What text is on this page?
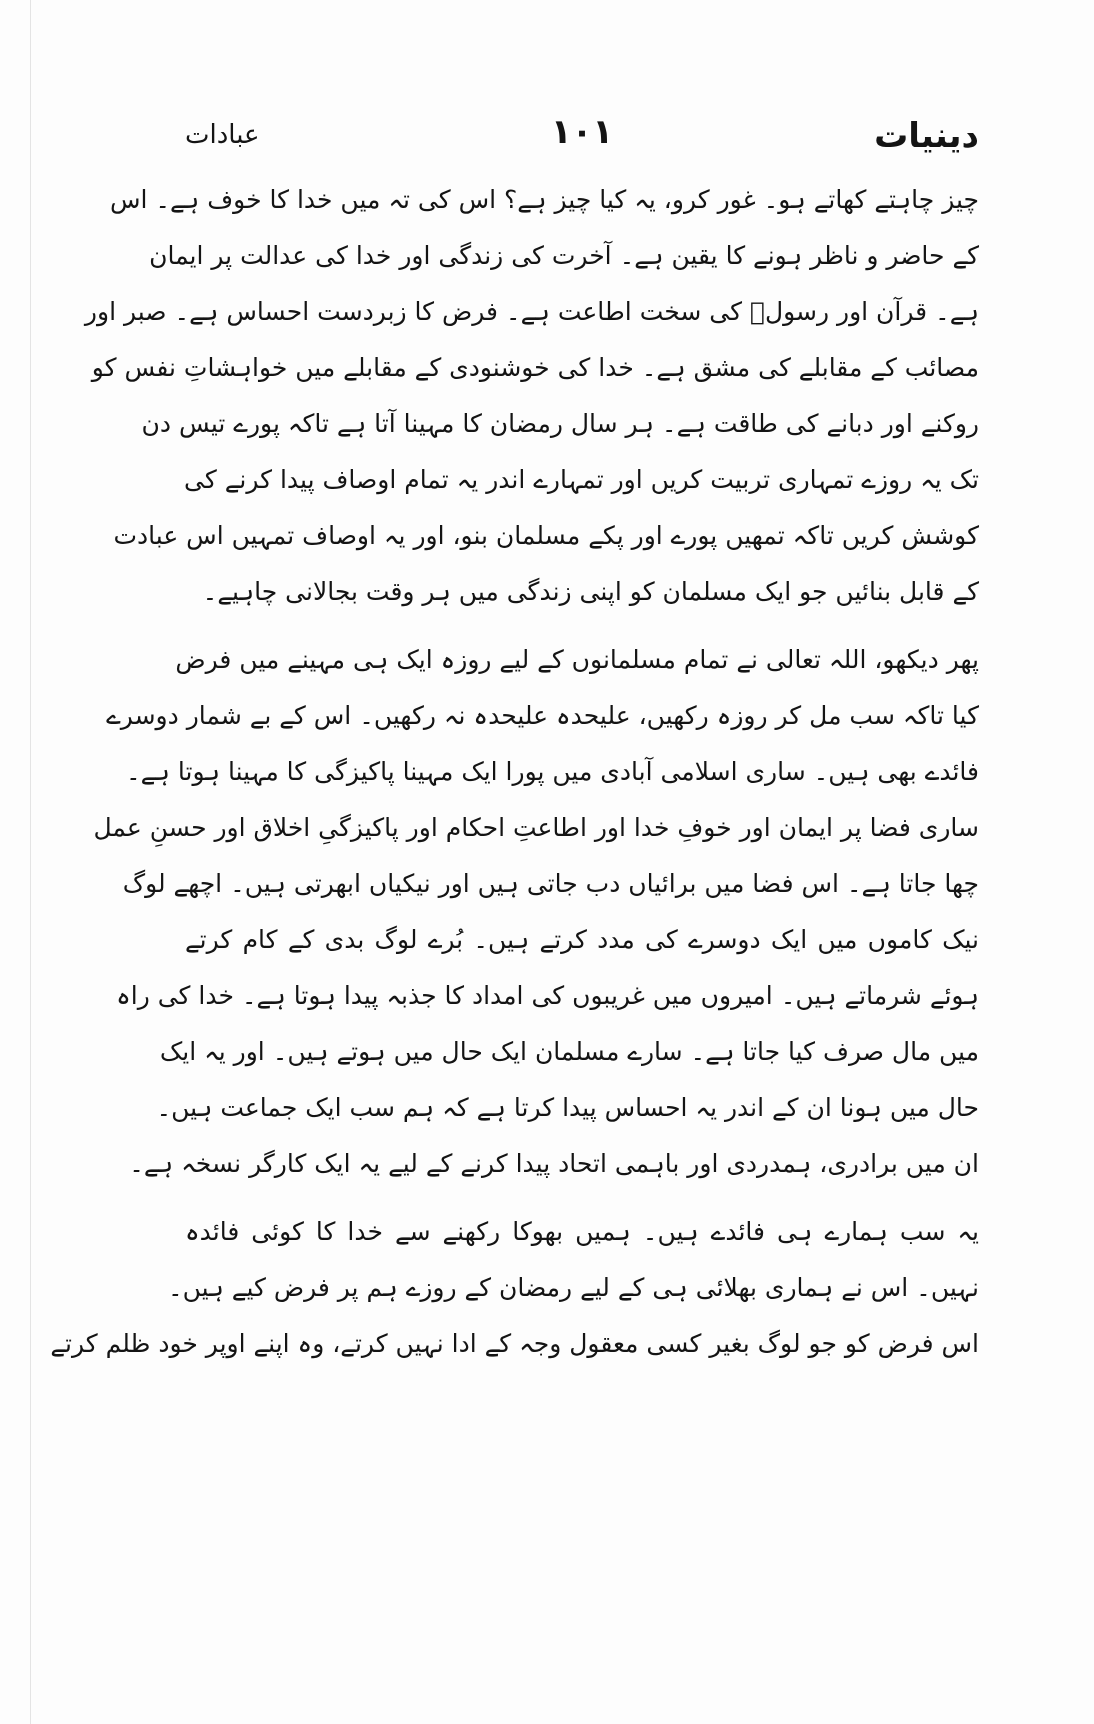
دینیات
۱۰۱
عبادات
چیز چاہتے کھاتے ہو۔ غور کرو، یہ کیا چیز ہے؟ اس کی تہ میں خدا کا خوف ہے۔ اس
کے حاضر و ناظر ہونے کا یقین ہے۔ آخرت کی زندگی اور خدا کی عدالت پر ایمان
ہے۔ قرآن اور رسولؐ کی سخت اطاعت ہے۔ فرض کا زبردست احساس ہے۔ صبر اور
مصائب کے مقابلے کی مشق ہے۔ خدا کی خوشنودی کے مقابلے میں خواہشاتِ نفس کو
روکنے اور دبانے کی طاقت ہے۔ ہر سال رمضان کا مہینا آتا ہے تاکہ پورے تیس دن
تک یہ روزے تمہاری تربیت کریں اور تمہارے اندر یہ تمام اوصاف پیدا کرنے کی
کوشش کریں تاکہ تمھیں پورے اور پکے مسلمان بنو، اور یہ اوصاف تمہیں اس عبادت
کے قابل بنائیں جو ایک مسلمان کو اپنی زندگی میں ہر وقت بجالانی چاہیے۔
پھر دیکھو، اللہ تعالی نے تمام مسلمانوں کے لیے روزہ ایک ہی مہینے میں فرض
کیا تاکہ سب مل کر روزہ رکھیں، علیحدہ علیحدہ نہ رکھیں۔ اس کے بے شمار دوسرے
فائدے بھی ہیں۔ ساری اسلامی آبادی میں پورا ایک مہینا پاکیزگی کا مہینا ہوتا ہے۔
ساری فضا پر ایمان اور خوفِ خدا اور اطاعتِ احکام اور پاکیزگیِ اخلاق اور حسنِ عمل
چھا جاتا ہے۔ اس فضا میں برائیاں دب جاتی ہیں اور نیکیاں ابھرتی ہیں۔ اچھے لوگ
نیک کاموں میں ایک دوسرے کی مدد کرتے ہیں۔ بُرے لوگ بدی کے کام کرتے
ہوئے شرماتے ہیں۔ امیروں میں غریبوں کی امداد کا جذبہ پیدا ہوتا ہے۔ خدا کی راہ
میں مال صرف کیا جاتا ہے۔ سارے مسلمان ایک حال میں ہوتے ہیں۔ اور یہ ایک
حال میں ہونا ان کے اندر یہ احساس پیدا کرتا ہے کہ ہم سب ایک جماعت ہیں۔
ان میں برادری، ہمدردی اور باہمی اتحاد پیدا کرنے کے لیے یہ ایک کارگر نسخہ ہے۔
یہ سب ہمارے ہی فائدے ہیں۔ ہمیں بھوکا رکھنے سے خدا کا کوئی فائدہ
نہیں۔ اس نے ہماری بھلائی ہی کے لیے رمضان کے روزے ہم پر فرض کیے ہیں۔
اس فرض کو جو لوگ بغیر کسی معقول وجہ کے ادا نہیں کرتے، وہ اپنے اوپر خود ظلم کرتے
